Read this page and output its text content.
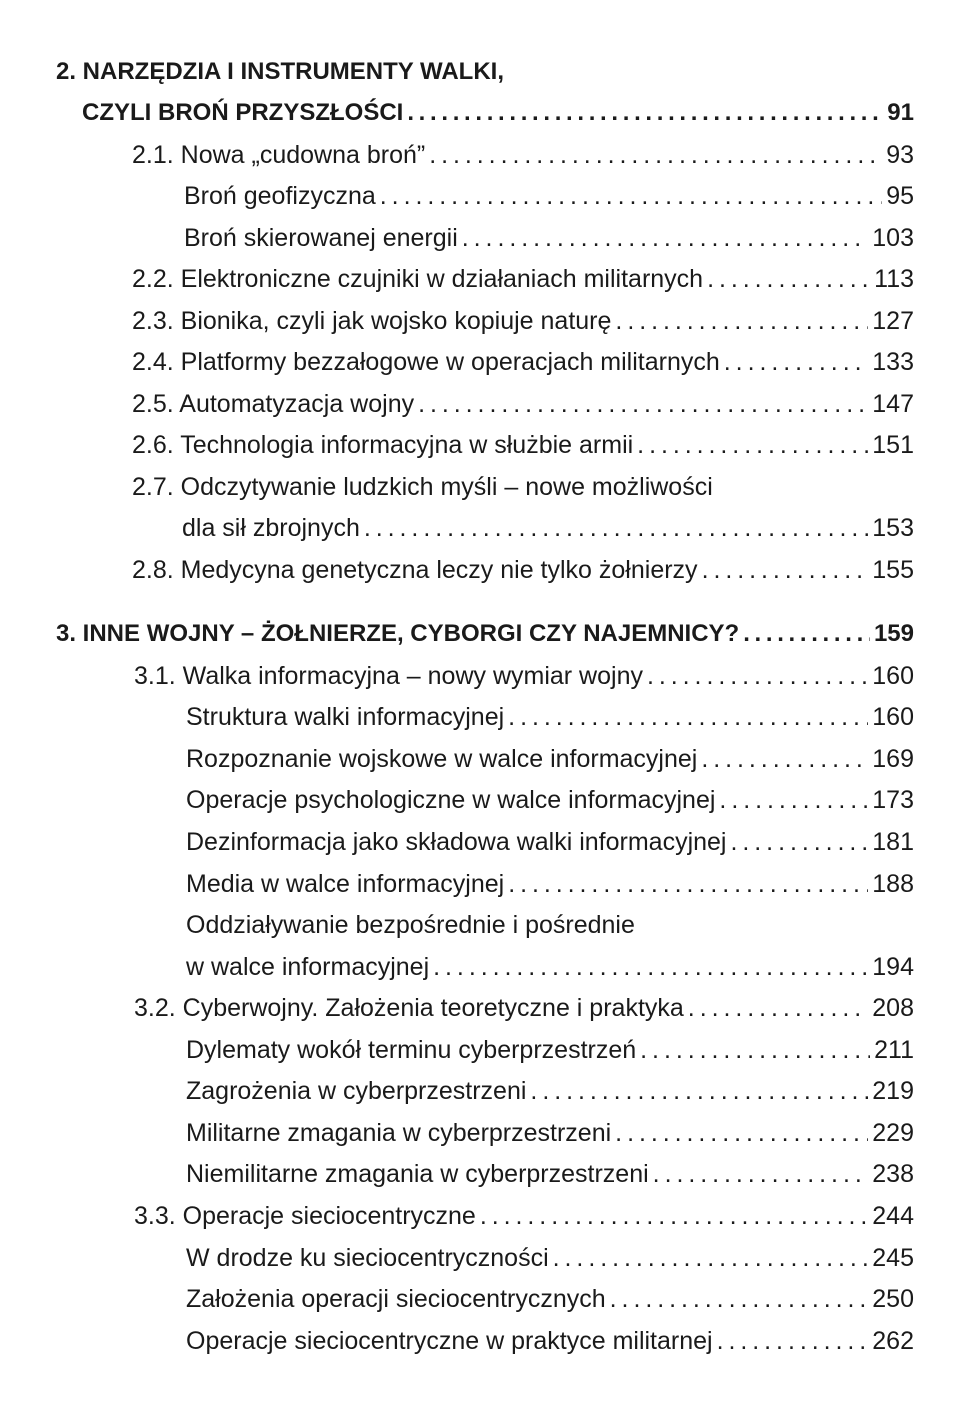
2. NARZĘDZIA I INSTRUMENTY WALKI,
CZYLI BROŃ PRZYSZŁOŚCI . . .	91
2.1. Nowa „cudowna broń” . . .	93
Broń geofizyczna . . .	95
Broń skierowanej energii . . .	103
2.2. Elektroniczne czujniki w działaniach militarnych . . .	113
2.3. Bionika, czyli jak wojsko kopiuje naturę . . .	127
2.4. Platformy bezzałogowe w operacjach militarnych . . .	133
2.5. Automatyzacja wojny . . .	147
2.6. Technologia informacyjna w służbie armii . . .	151
2.7. Odczytywanie ludzkich myśli – nowe możliwości
dla sił zbrojnych . . .	153
2.8. Medycyna genetyczna leczy nie tylko żołnierzy . . .	155
3. INNE WOJNY – ŻOŁNIERZE, CYBORGI CZY NAJEMNICY? . . .	159
3.1. Walka informacyjna – nowy wymiar wojny . . .	160
Struktura walki informacyjnej . . .	160
Rozpoznanie wojskowe w walce informacyjnej . . .	169
Operacje psychologiczne w walce informacyjnej . . .	173
Dezinformacja jako składowa walki informacyjnej . . .	181
Media w walce informacyjnej . . .	188
Oddziaływanie bezpośrednie i pośrednie
w walce informacyjnej . . .	194
3.2. Cyberwojny. Założenia teoretyczne i praktyka . . .	208
Dylematy wokół terminu cyberprzestrzeń . . .	211
Zagrożenia w cyberprzestrzeni . . .	219
Militarne zmagania w cyberprzestrzeni . . .	229
Niemilitarne zmagania w cyberprzestrzeni . . .	238
3.3. Operacje sieciocentryczne . . .	244
W drodze ku sieciocentryczności . . .	245
Założenia operacji sieciocentrycznych . . .	250
Operacje sieciocentryczne w praktyce militarnej . . .	262
